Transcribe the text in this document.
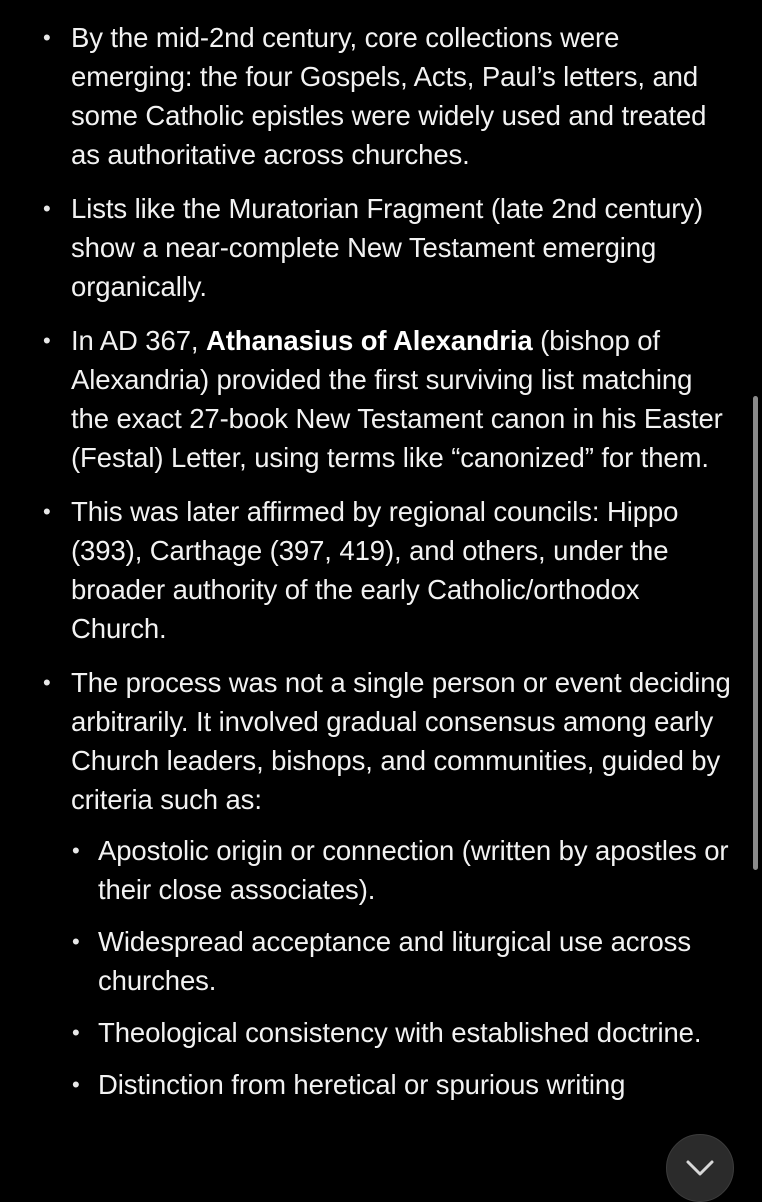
• By the mid-2nd century, core collections were emerging: the four Gospels, Acts, Paul’s letters, and some Catholic epistles were widely used and treated as authoritative across churches.
• Lists like the Muratorian Fragment (late 2nd century) show a near-complete New Testament emerging organically.
• In AD 367, Athanasius of Alexandria (bishop of Alexandria) provided the first surviving list matching the exact 27-book New Testament canon in his Easter (Festal) Letter, using terms like “canonized” for them.
• This was later affirmed by regional councils: Hippo (393), Carthage (397, 419), and others, under the broader authority of the early Catholic/orthodox Church.
• The process was not a single person or event deciding arbitrarily. It involved gradual consensus among early Church leaders, bishops, and communities, guided by criteria such as:
• Apostolic origin or connection (written by apostles or their close associates).
• Widespread acceptance and liturgical use across churches.
• Theological consistency with established doctrine.
• Distinction from heretical or spurious writing
